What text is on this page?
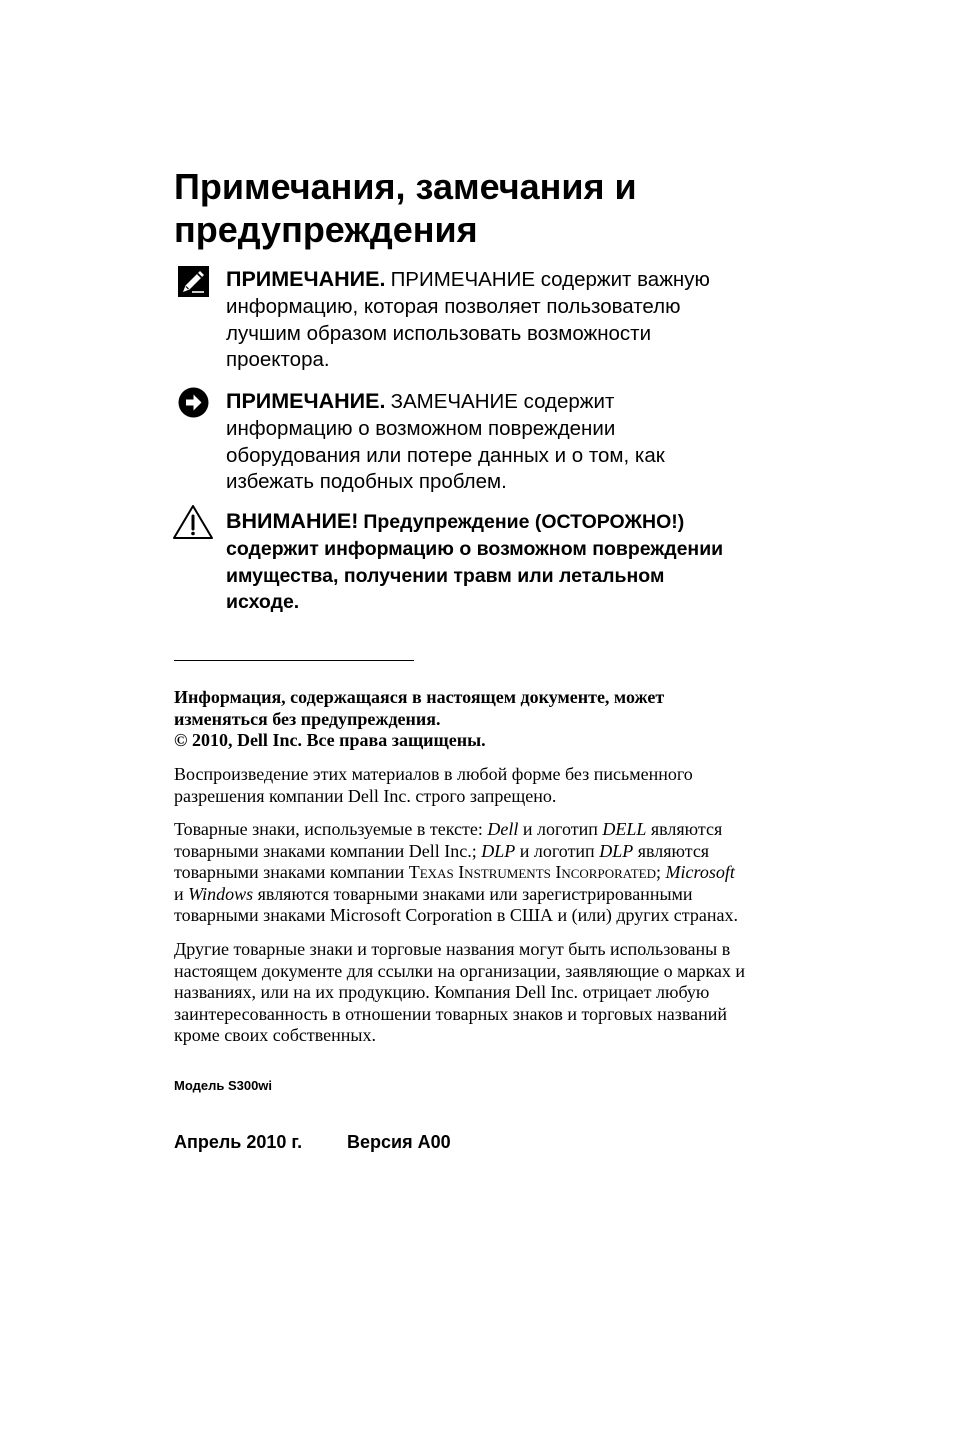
Примечания, замечания и
предупреждения
ПРИМЕЧАНИЕ. ПРИМЕЧАНИЕ содержит важную
информацию, которая позволяет пользователю
лучшим образом использовать возможности
проектора.
ПРИМЕЧАНИЕ. ЗАМЕЧАНИЕ содержит
информацию о возможном повреждении
оборудования или потере данных и о том, как
избежать подобных проблем.
ВНИМАНИЕ! Предупреждение (ОСТОРОЖНО!)
содержит информацию о возможном повреждении
имущества, получении травм или летальном
исходе.
Информация, содержащаяся в настоящем документе, может
изменяться без предупреждения.
© 2010, Dell Inc. Все права защищены.
Воспроизведение этих материалов в любой форме без письменного
разрешения компании Dell Inc. строго запрещено.
Товарные знаки, используемые в тексте: Dell и логотип DELL являются
товарными знаками компании Dell Inc.; DLP и логотип DLP являются
товарными знаками компании Texas Instruments Incorporated; Microsoft
и Windows являются товарными знаками или зарегистрированными
товарными знаками Microsoft Corporation в США и (или) других странах.
Другие товарные знаки и торговые названия могут быть использованы в
настоящем документе для ссылки на организации, заявляющие о марках и
названиях, или на их продукцию. Компания Dell Inc. отрицает любую
заинтересованность в отношении товарных знаков и торговых названий
кроме своих собственных.
Модель S300wi
Апрель 2010 г. Версия A00
